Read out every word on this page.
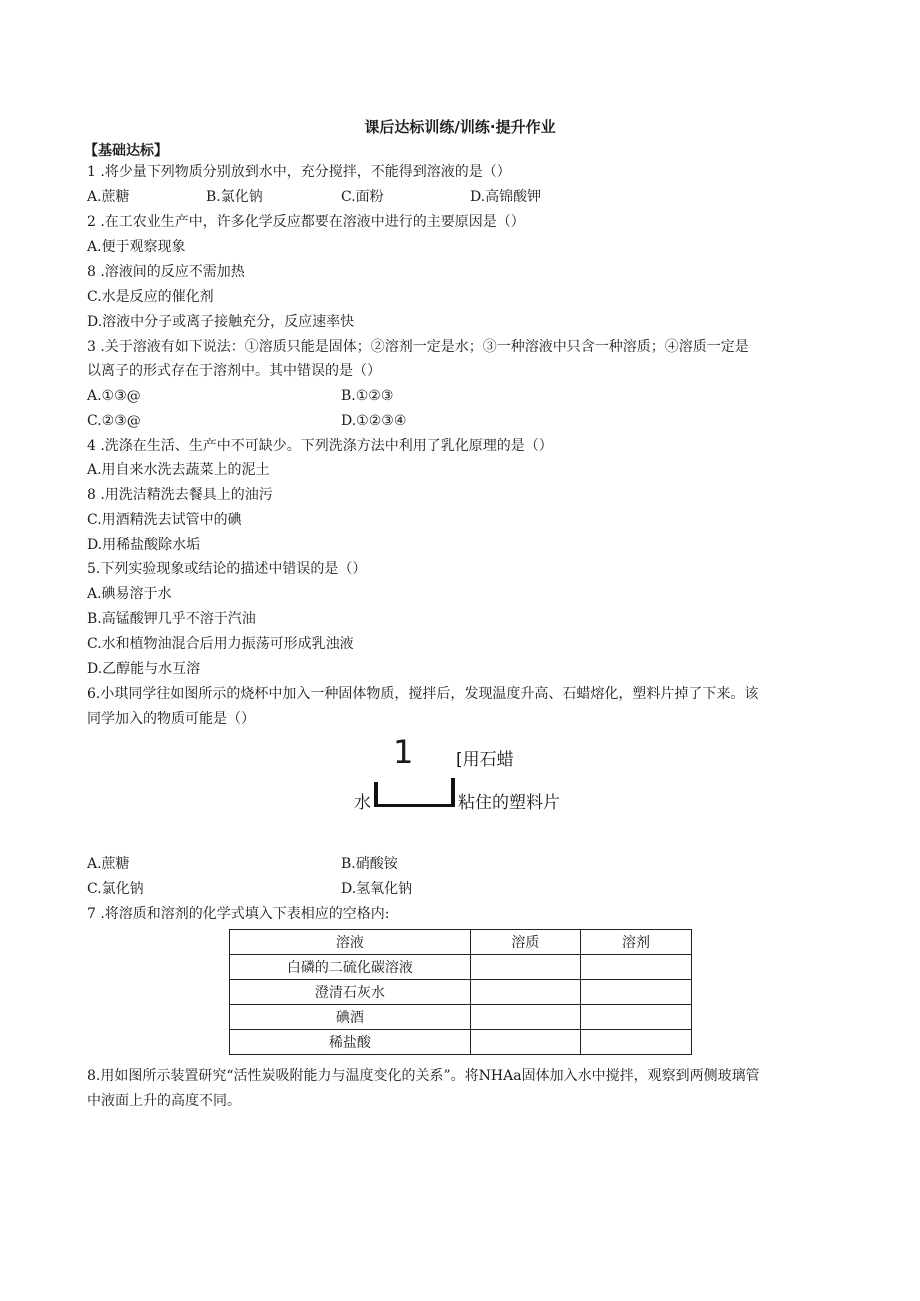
课后达标训练/训练·提升作业
【基础达标】
1 .将少量下列物质分别放到水中，充分搅拌，不能得到溶液的是（）
A.蔗糖	B.氯化钠	C.面粉	D.高锦酸钾
2 .在工农业生产中，许多化学反应都要在溶液中进行的主要原因是（）
A.便于观察现象
8 .溶液间的反应不需加热
C.水是反应的催化剂
D.溶液中分子或离子接触充分，反应速率快
3 .关于溶液有如下说法：①溶质只能是固体；②溶剂一定是水；③一种溶液中只含一种溶质；④溶质一定是
以离子的形式存在于溶剂中。其中错误的是（）
A.①③@	B.①②③
C.②③@	D.①②③④
4 .洗涤在生活、生产中不可缺少。下列洗涤方法中利用了乳化原理的是（）
A.用自来水洗去蔬菜上的泥土
8 .用洗洁精洗去餐具上的油污
C.用酒精洗去试管中的碘
D.用稀盐酸除水垢
5.下列实验现象或结论的描述中错误的是（）
A.碘易溶于水
B.高锰酸钾几乎不溶于汽油
C.水和植物油混合后用力振荡可形成乳浊液
D.乙醇能与水互溶
6.小琪同学往如图所示的烧杯中加入一种固体物质，搅拌后，发现温度升高、石蜡熔化，塑料片掉了下来。该
同学加入的物质可能是（）
1	[用石蜡
水	粘住的塑料片
A.蔗糖	B.硝酸铵
C.氯化钠	D.氢氧化钠
7 .将溶质和溶剂的化学式填入下表相应的空格内:
溶液	溶质	溶剂
白磷的二硫化碳溶液		
澄清石灰水		
碘酒		
稀盐酸		
8.用如图所示装置研究“活性炭吸附能力与温度变化的关系”。将NHAa固体加入水中搅拌，观察到两侧玻璃管
中液面上升的高度不同。
